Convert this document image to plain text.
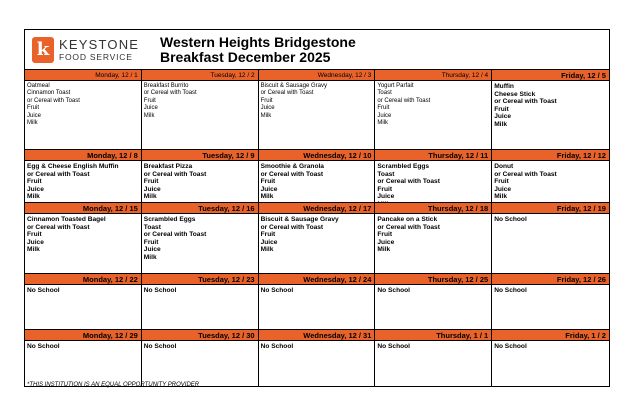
k KEYSTONE
FOOD SERVICE
Western Heights Bridgestone
Breakfast December 2025
Monday, 12 / 1
Oatmeal
Cinnamon Toast
or Cereal with Toast
Fruit
Juice
Milk
Tuesday, 12 / 2
Breakfast Burrito
or Cereal with Toast
Fruit
Juice
Milk
Wednesday, 12 / 3
Biscuit & Sausage Gravy
or Cereal with Toast
Fruit
Juice
Milk
Thursday, 12 / 4
Yogurt Parfait
Toast
or Cereal with Toast
Fruit
Juice
Milk
Friday, 12 / 5
Muffin
Cheese Stick
or Cereal with Toast
Fruit
Juice
Milk
Monday, 12 / 8
Egg & Cheese English Muffin
or Cereal with Toast
Fruit
Juice
Milk
Tuesday, 12 / 9
Breakfast Pizza
or Cereal with Toast
Fruit
Juice
Milk
Wednesday, 12 / 10
Smoothie & Granola
or Cereal with Toast
Fruit
Juice
Milk
Thursday, 12 / 11
Scrambled Eggs
Toast
or Cereal with Toast
Fruit
Juice
Friday, 12 / 12
Donut
or Cereal with Toast
Fruit
Juice
Milk
Monday, 12 / 15
Cinnamon Toasted Bagel
or Cereal with Toast
Fruit
Juice
Milk
Tuesday, 12 / 16
Scrambled Eggs
Toast
or Cereal with Toast
Fruit
Juice
Milk
Wednesday, 12 / 17
Biscuit & Sausage Gravy
or Cereal with Toast
Fruit
Juice
Milk
Thursday, 12 / 18
Pancake on a Stick
or Cereal with Toast
Fruit
Juice
Milk
Friday, 12 / 19
No School
Monday, 12 / 22
No School
Tuesday, 12 / 23
No School
Wednesday, 12 / 24
No School
Thursday, 12 / 25
No School
Friday, 12 / 26
No School
Monday, 12 / 29
No School
Tuesday, 12 / 30
No School
Wednesday, 12 / 31
No School
Thursday, 1 / 1
No School
Friday, 1 / 2
No School
*THIS INSTITUTION IS AN EQUAL OPPORTUNITY PROVIDER
